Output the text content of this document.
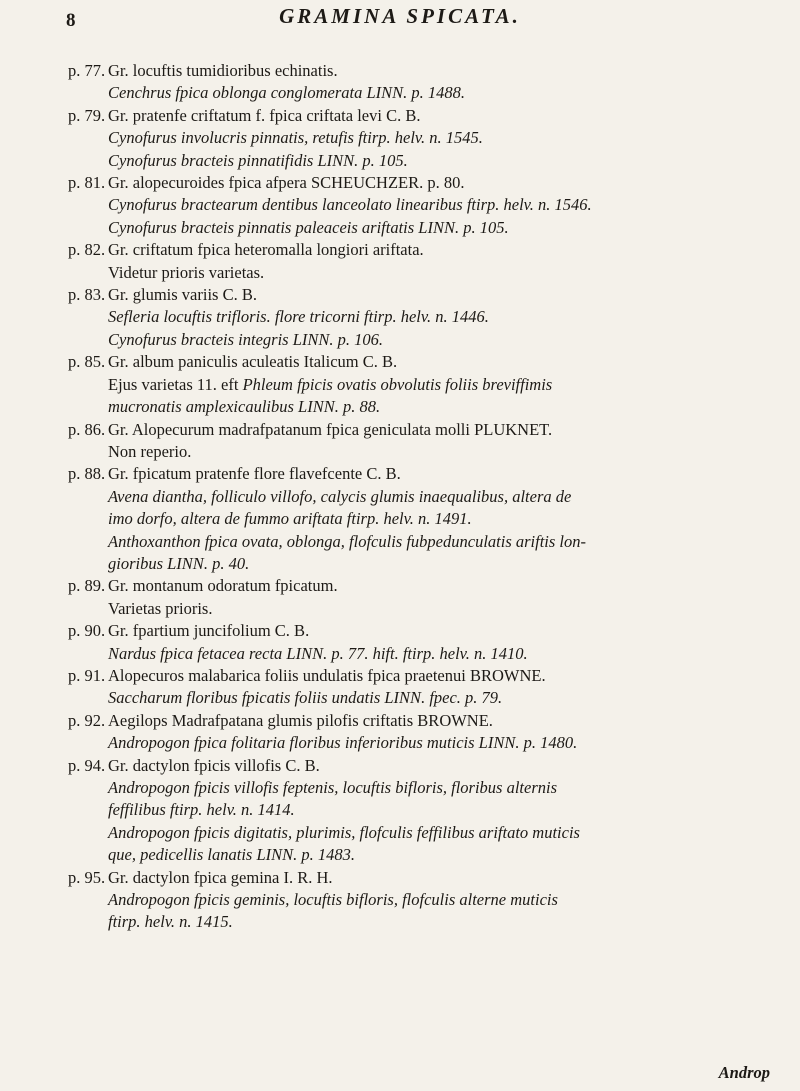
8	GRAMINA SPICATA.
p. 77. Gr. locuftis tumidioribus echinatis.
Cenchrus fpica oblonga conglomerata LINN. p. 1488.
p. 79. Gr. pratenfe criftatum f. fpica criftata levi C. B.
Cynofurus involucris pinnatis, retufis ftirp. helv. n. 1545.
Cynofurus bracteis pinnatifidis LINN. p. 105.
p. 81. Gr. alopecuroides fpica afpera SCHEUCHZER. p. 80.
Cynofurus bractearum dentibus lanceolato linearibus ftirp. helv. n. 1546.
Cynofurus bracteis pinnatis paleaceis ariftatis LINN. p. 105.
p. 82. Gr. criftatum fpica heteromalla longiori ariftata.
Videtur prioris varietas.
p. 83. Gr. glumis variis C. B.
Sefleria locuftis trifloris. flore tricorni ftirp. helv. n. 1446.
Cynofurus bracteis integris LINN. p. 106.
p. 85. Gr. album paniculis aculeatis Italicum C. B.
Ejus varietas 11. eft Phleum fpicis ovatis obvolutis foliis breviffimis
mucronatis amplexicaulibus LINN. p. 88.
p. 86. Gr. Alopecurum madrafpatanum fpica geniculata molli PLUKNET.
Non reperio.
p. 88. Gr. fpicatum pratenfe flore flavefcente C. B.
Avena diantha, folliculo villofo, calycis glumis inaequalibus, altera de
imo dorfo, altera de fummo ariftata ftirp. helv. n. 1491.
Anthoxanthon fpica ovata, oblonga, flofculis fubpedunculatis ariftis lon-
gioribus LINN. p. 40.
p. 89. Gr. montanum odoratum fpicatum.
Varietas prioris.
p. 90. Gr. fpartium juncifolium C. B.
Nardus fpica fetacea recta LINN. p. 77. hift. ftirp. helv. n. 1410.
p. 91. Alopecuros malabarica foliis undulatis fpica praetenui BROWNE.
Saccharum floribus fpicatis foliis undatis LINN. fpec. p. 79.
p. 92. Aegilops Madrafpatana glumis pilofis criftatis BROWNE.
Andropogon fpica folitaria floribus inferioribus muticis LINN. p. 1480.
p. 94. Gr. dactylon fpicis villofis C. B.
Andropogon fpicis villofis feptenis, locuftis bifloris, floribus alternis
feffilibus ftirp. helv. n. 1414.
Andropogon fpicis digitatis, plurimis, flofculis feffilibus ariftato muticis
que, pedicellis lanatis LINN. p. 1483.
p. 95. Gr. dactylon fpica gemina I. R. H.
Andropogon fpicis geminis, locuftis bifloris, flofculis alterne muticis
ftirp. helv. n. 1415.
Androp
